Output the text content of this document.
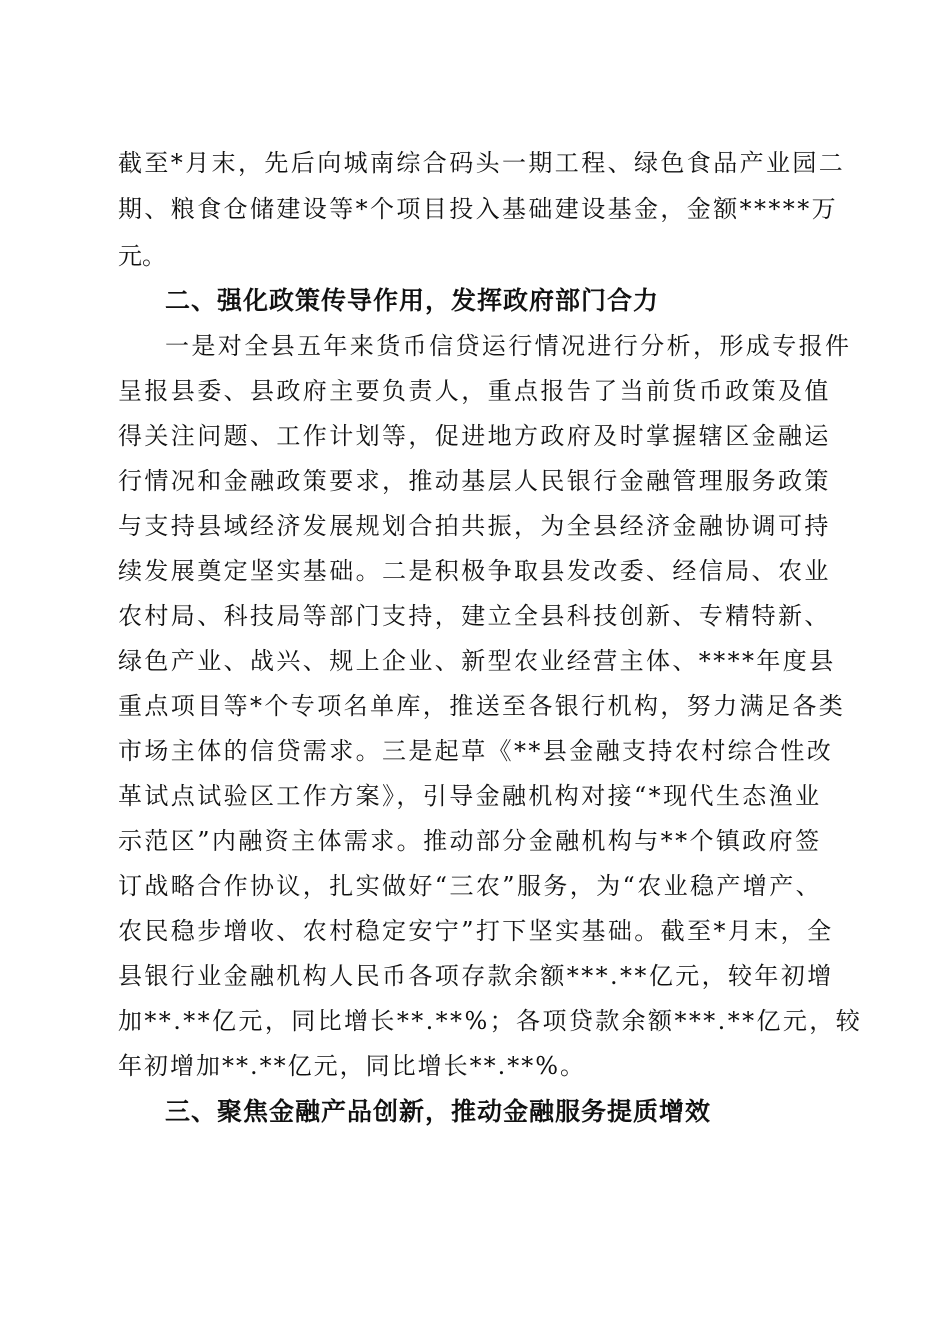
截至*月末，先后向城南综合码头一期工程、绿色食品产业园二
期、粮食仓储建设等*个项目投入基础建设基金，金额*****万
元。
二、强化政策传导作用，发挥政府部门合力
一是对全县五年来货币信贷运行情况进行分析，形成专报件
呈报县委、县政府主要负责人，重点报告了当前货币政策及值
得关注问题、工作计划等，促进地方政府及时掌握辖区金融运
行情况和金融政策要求，推动基层人民银行金融管理服务政策
与支持县域经济发展规划合拍共振，为全县经济金融协调可持
续发展奠定坚实基础。二是积极争取县发改委、经信局、农业
农村局、科技局等部门支持，建立全县科技创新、专精特新、
绿色产业、战兴、规上企业、新型农业经营主体、****年度县
重点项目等*个专项名单库，推送至各银行机构，努力满足各类
市场主体的信贷需求。三是起草《**县金融支持农村综合性改
革试点试验区工作方案》，引导金融机构对接“*现代生态渔业
示范区”内融资主体需求。推动部分金融机构与**个镇政府签
订战略合作协议，扎实做好“三农”服务，为“农业稳产增产、
农民稳步增收、农村稳定安宁”打下坚实基础。截至*月末，全
县银行业金融机构人民币各项存款余额***.**亿元，较年初增
加**.**亿元，同比增长**.**%；各项贷款余额***.**亿元，较
年初增加**.**亿元，同比增长**.**%。
三、聚焦金融产品创新，推动金融服务提质增效
